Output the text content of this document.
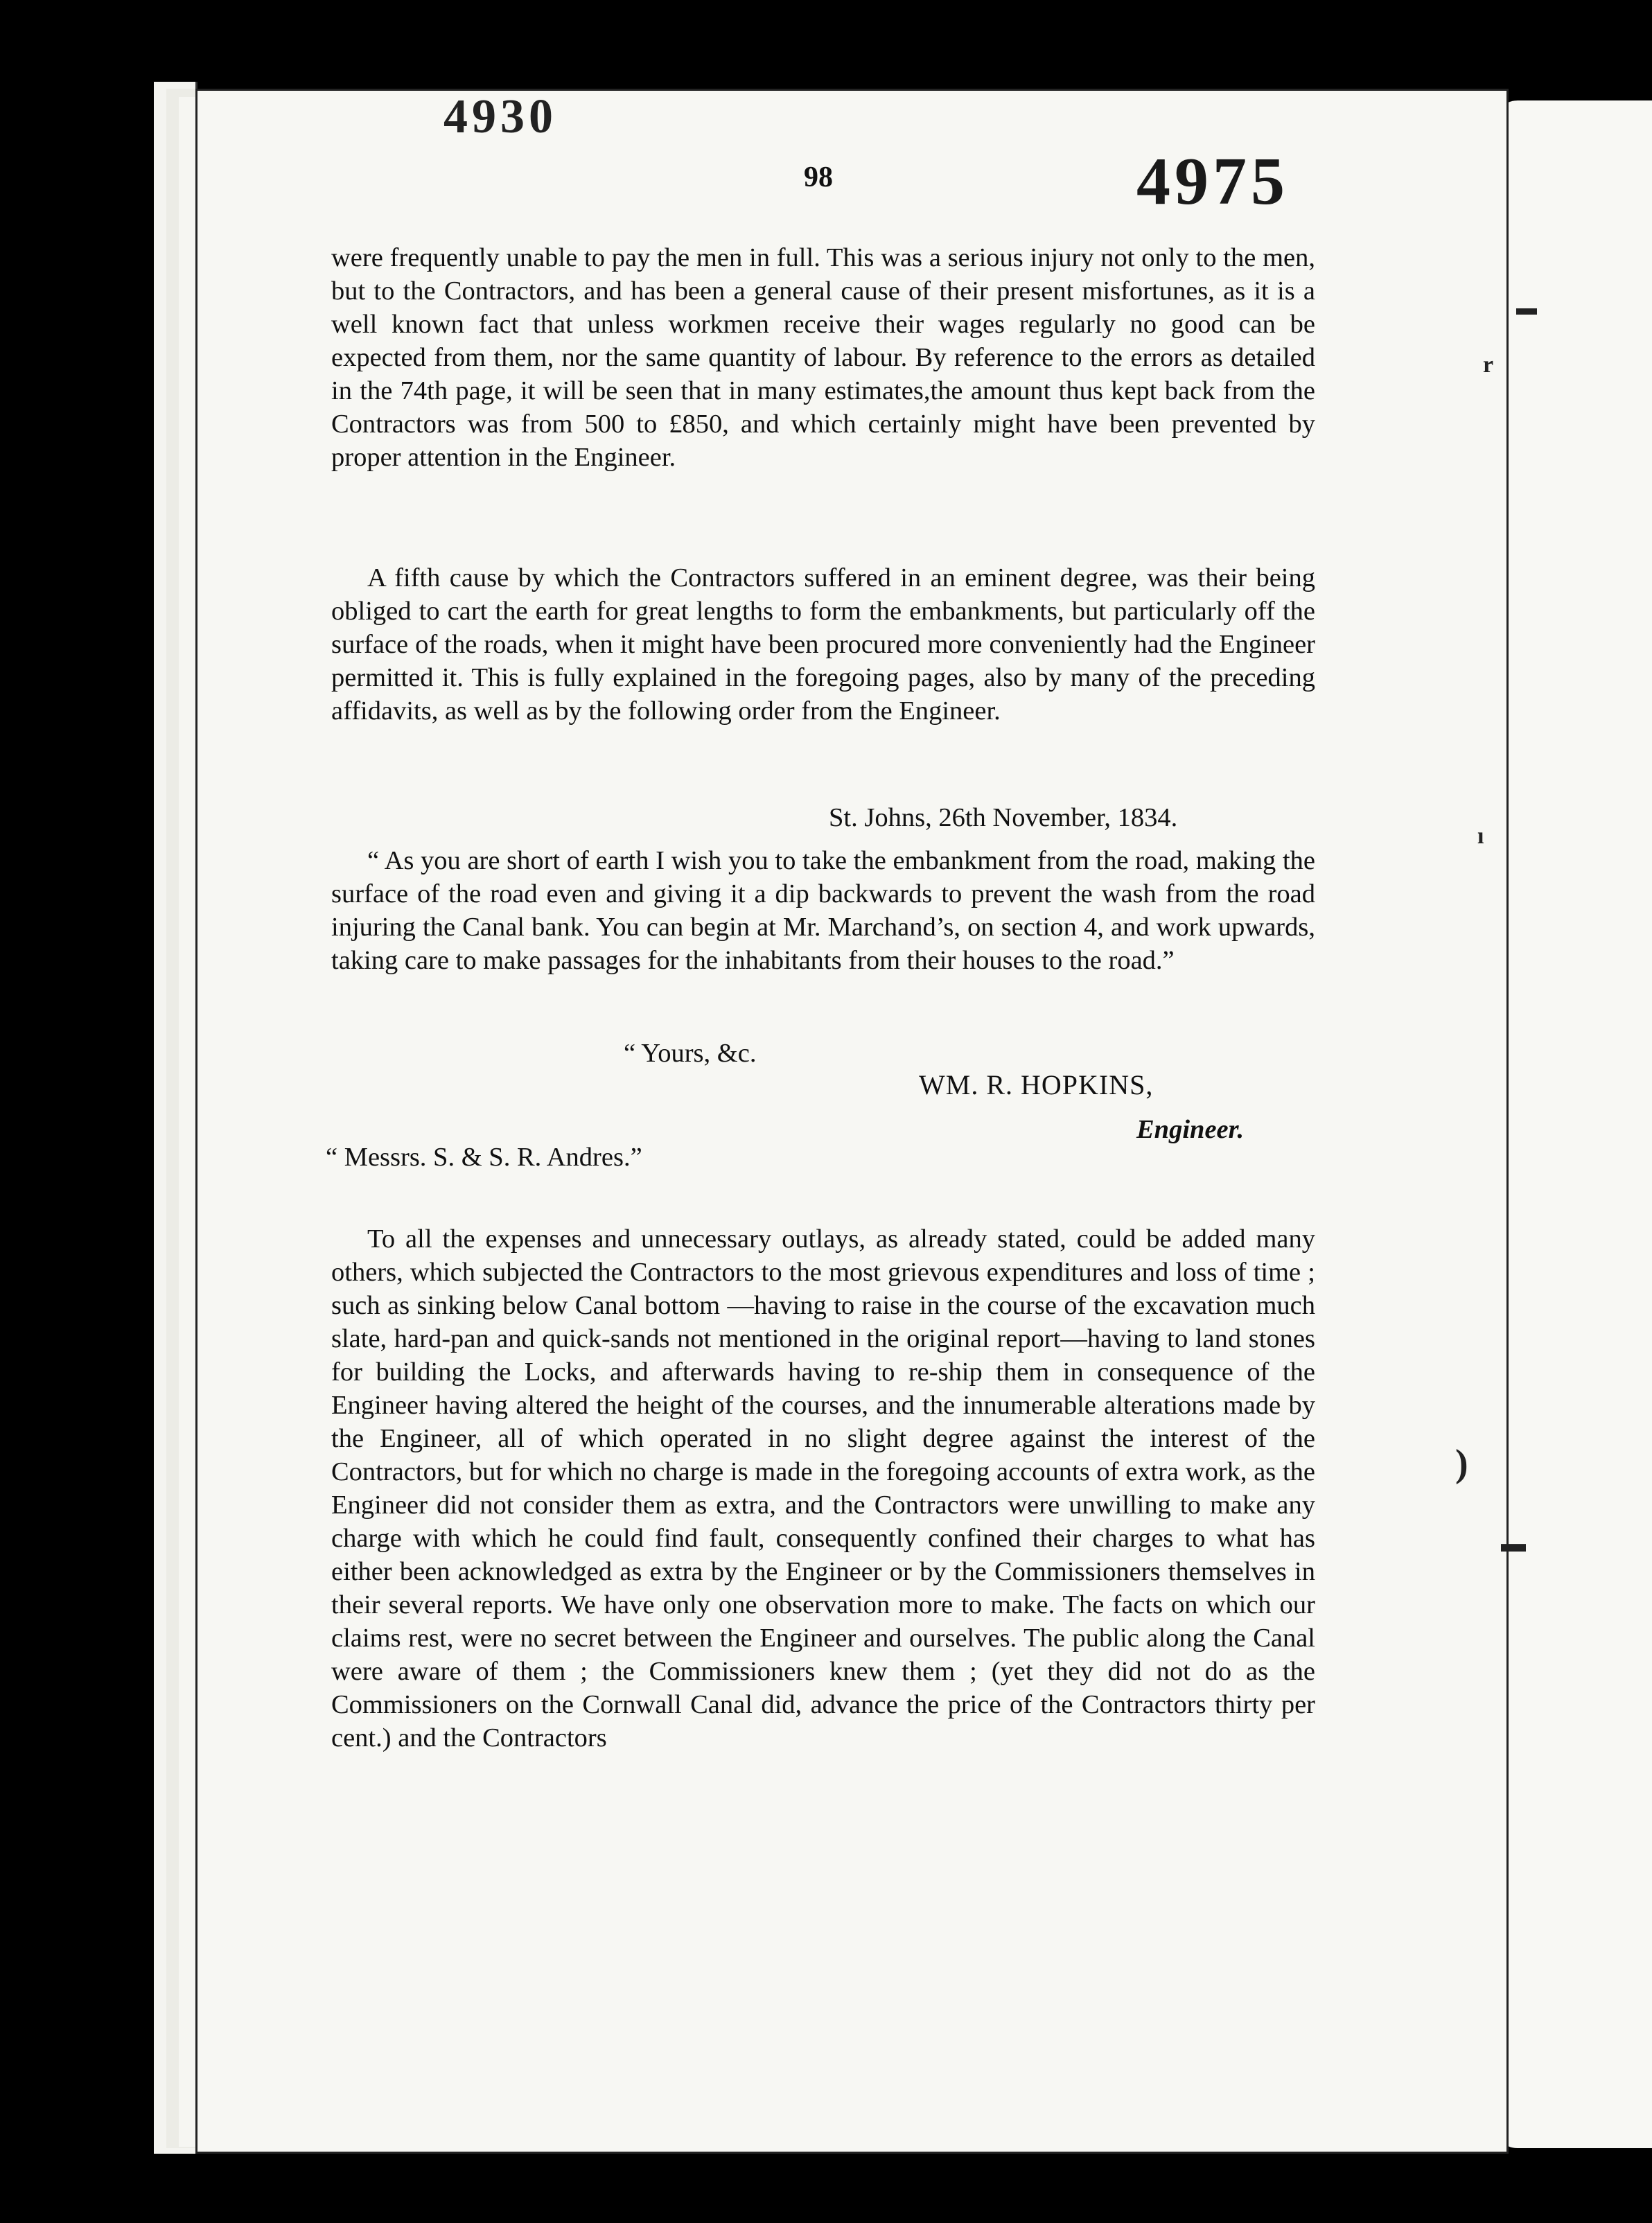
98	4975
were frequently unable to pay the men in full. This was a serious injury not only to the men, but to the Contractors, and has been a general cause of their present misfortunes, as it is a well known fact that unless workmen receive their wages regularly no good can be expected from them, nor the same quantity of labour. By reference to the errors as detailed in the 74th page, it will be seen that in many estimates,the amount thus kept back from the Contractors was from 500 to £850, and which certainly might have been prevented by proper attention in the Engineer.
A fifth cause by which the Contractors suffered in an eminent degree, was their being obliged to cart the earth for great lengths to form the embankments, but particularly off the surface of the roads, when it might have been procured more conveniently had the Engineer permitted it. This is fully explained in the foregoing pages, also by many of the preceding affidavits, as well as by the following order from the Engineer.
St. Johns, 26th November, 1834.
“ As you are short of earth I wish you to take the embankment from the road, making the surface of the road even and giving it a dip backwards to prevent the wash from the road injuring the Canal bank. You can begin at Mr. Marchand’s, on section 4, and work upwards, taking care to make passages for the inhabitants from their houses to the road.”
“ Yours, &c.
WM. R. HOPKINS,
Engineer.
“ Messrs. S. & S. R. Andres.”
To all the expenses and unnecessary outlays, as already stated, could be added many others, which subjected the Contractors to the most grievous expenditures and loss of time ; such as sinking below Canal bottom —having to raise in the course of the excavation much slate, hard-pan and quick-sands not mentioned in the original report—having to land stones for building the Locks, and afterwards having to re-ship them in consequence of the Engineer having altered the height of the courses, and the innumerable alterations made by the Engineer, all of which operated in no slight degree against the interest of the Contractors, but for which no charge is made in the foregoing accounts of extra work, as the Engineer did not consider them as extra, and the Contractors were unwilling to make any charge with which he could find fault, consequently confined their charges to what has either been acknowledged as extra by the Engineer or by the Commissioners themselves in their several reports. We have only one observation more to make. The facts on which our claims rest, were no secret between the Engineer and ourselves. The public along the Canal were aware of them ; the Commissioners knew them ; (yet they did not do as the Commissioners on the Cornwall Canal did, advance the price of the Contractors thirty per cent.) and the Contractors
▬
r
ı
)
▬
